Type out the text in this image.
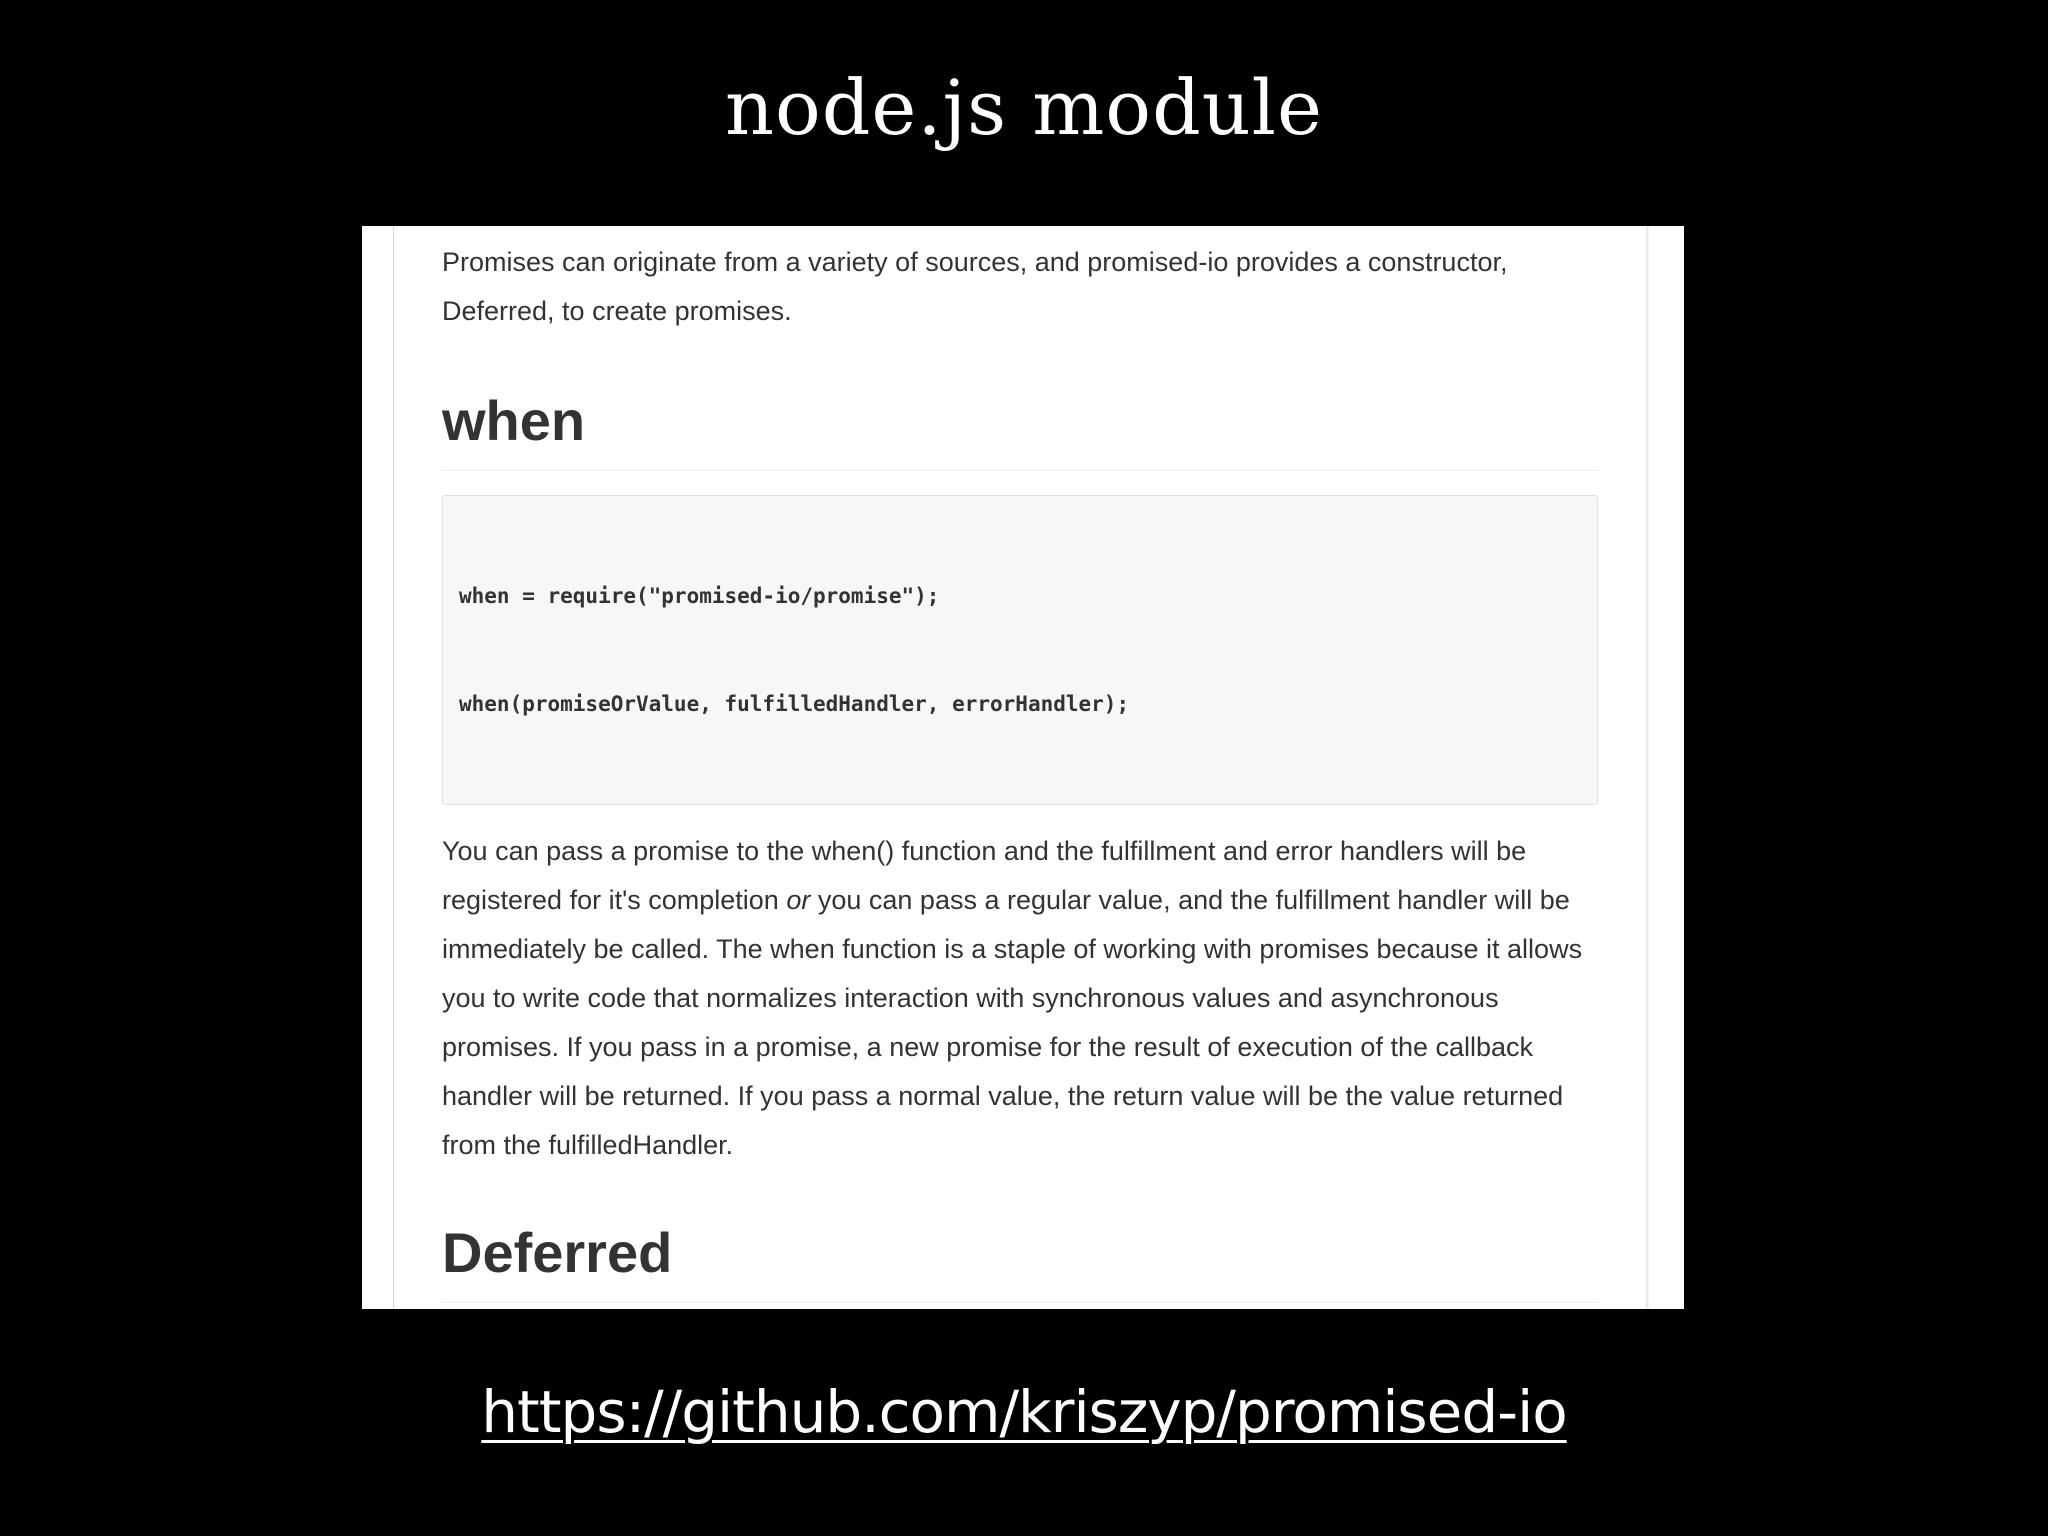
node.js module

Promises can originate from a variety of sources, and promised-io provides a constructor, Deferred, to create promises.

when

when = require("promised-io/promise");

when(promiseOrValue, fulfilledHandler, errorHandler);

You can pass a promise to the when() function and the fulfillment and error handlers will be registered for it's completion or you can pass a regular value, and the fulfillment handler will be immediately be called. The when function is a staple of working with promises because it allows you to write code that normalizes interaction with synchronous values and asynchronous promises. If you pass in a promise, a new promise for the result of execution of the callback handler will be returned. If you pass a normal value, the return value will be the value returned from the fulfilledHandler.

Deferred

https://github.com/kriszyp/promised-io
